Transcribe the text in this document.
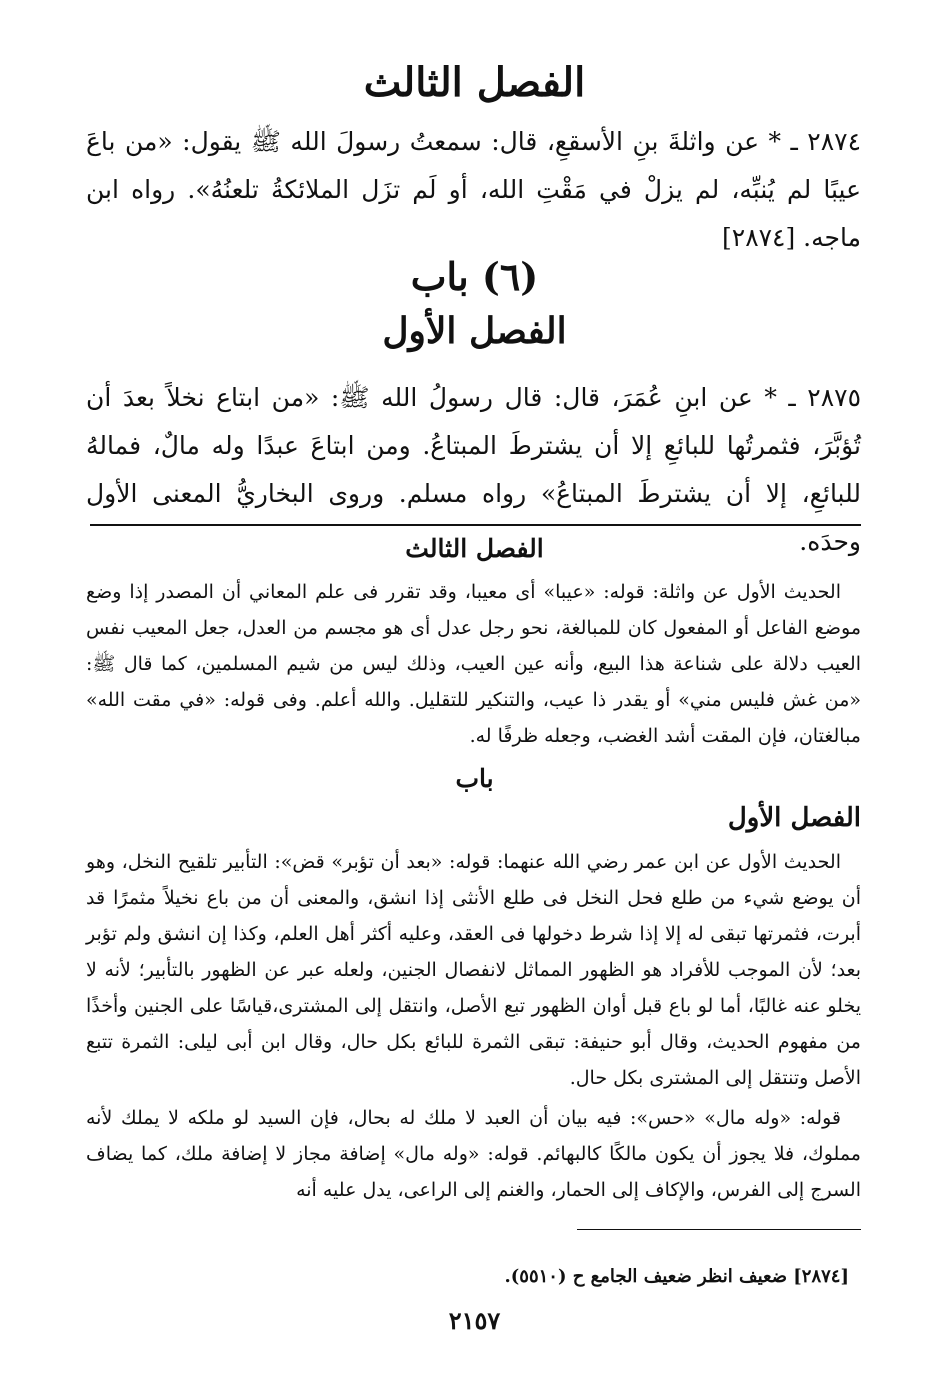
الفصل الثالث
٢٨٧٤ ـ * عن واثلةَ بنِ الأسقعِ، قال: سمعتُ رسولَ الله ﷺ يقول: «من باعَ عيبًا لم يُنبِّه، لم يزلْ في مَقْتِ الله، أو لَم تزَل الملائكةُ تلعنُهُ». رواه ابن ماجه. [٢٨٧٤]
(٦) باب
الفصل الأول
٢٨٧٥ ـ * عن ابنِ عُمَرَ، قال: قال رسولُ الله ﷺ: «من ابتاع نخلاً بعدَ أن تُؤبَّرَ، فثمرتُها للبائعِ إلا أن يشترطَ المبتاعُ. ومن ابتاعَ عبدًا وله مالٌ، فمالهُ للبائعِ، إلا أن يشترطَ المبتاعُ» رواه مسلم. وروى البخاريُّ المعنى الأول وحدَه.
الفصل الثالث

الحديث الأول عن واثلة: قوله: «عيبا» أى معيبا، وقد تقرر فى علم المعاني أن المصدر إذا وضع موضع الفاعل أو المفعول كان للمبالغة، نحو رجل عدل أى هو مجسم من العدل، جعل المعيب نفس العيب دلالة على شناعة هذا البيع، وأنه عين العيب، وذلك ليس من شيم المسلمين، كما قال ﷺ: «من غش فليس مني» أو يقدر ذا عيب، والتنكير للتقليل. والله أعلم. وفى قوله: «في مقت الله» مبالغتان، فإن المقت أشد الغضب، وجعله ظرفًا له.

باب
الفصل الأول

الحديث الأول عن ابن عمر رضي الله عنهما: قوله: «بعد أن تؤبر» قض»: التأبير تلقيح النخل، وهو أن يوضع شيء من طلع فحل النخل فى طلع الأنثى إذا انشق، والمعنى أن من باع نخيلاً مثمرًا قد أبرت، فثمرتها تبقى له إلا إذا شرط دخولها فى العقد، وعليه أكثر أهل العلم، وكذا إن انشق ولم تؤبر بعد؛ لأن الموجب للأفراد هو الظهور المماثل لانفصال الجنين، ولعله عبر عن الظهور بالتأبير؛ لأنه لا يخلو عنه غالبًا، أما لو باع قبل أوان الظهور تبع الأصل، وانتقل إلى المشترى،قياسًا على الجنين وأخذًا من مفهوم الحديث، وقال أبو حنيفة: تبقى الثمرة للبائع بكل حال، وقال ابن أبى ليلى: الثمرة تتبع الأصل وتنتقل إلى المشترى بكل حال.

قوله: «وله مال» «حس»: فيه بيان أن العبد لا ملك له بحال، فإن السيد لو ملكه لا يملك لأنه مملوك، فلا يجوز أن يكون مالكًا كالبهائم. قوله: «وله مال» إضافة مجاز لا إضافة ملك، كما يضاف السرج إلى الفرس، والإكاف إلى الحمار، والغنم إلى الراعى، يدل عليه أنه

[٢٨٧٤] ضعيف انظر ضعيف الجامع ح (٥٥١٠).
٢١٥٧
